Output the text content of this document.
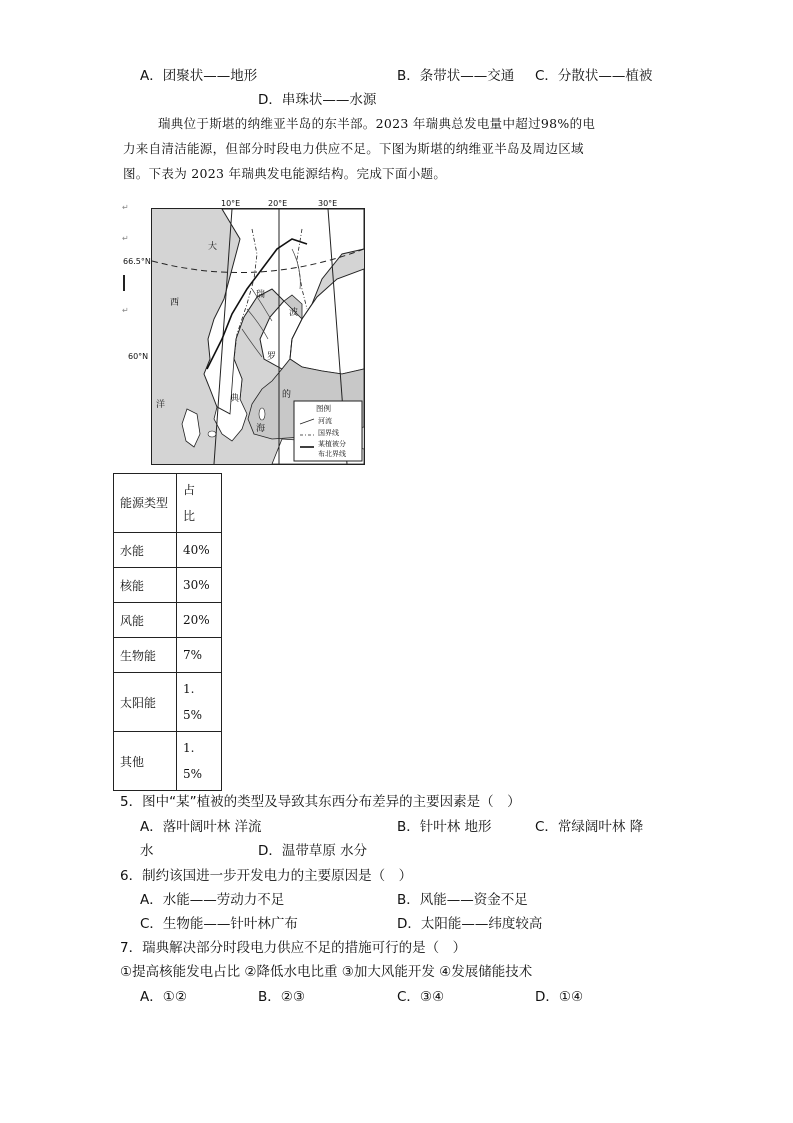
A．团聚状——地形	B．条带状——交通 C．分散状——植被
D．串珠状——水源
瑞典位于斯堪的纳维亚半岛的东半部。2023 年瑞典总发电量中超过98%的电
力来自清洁能源，但部分时段电力供应不足。下图为斯堪的纳维亚半岛及周边区域
图。下表为 2023 年瑞典发电能源结构。完成下面小题。
↵
↵
↵
66.5°N
60°N
10°E	20°E	30°E
大
西
洋
瑞
典
波
罗
的
海
图例
河流
国界线
某植被分
布北界线
能源类型	占比

水能	40%
核能	30%
风能	20%
生物能	7%
太阳能	1.5%

其他	1.5%
5．图中“某”植被的类型及导致其东西分布差异的主要因素是（　）
A．落叶阔叶林 洋流	B．针叶林 地形	C．常绿阔叶林 降
水	D．温带草原 水分
6．制约该国进一步开发电力的主要原因是（　）
A．水能——劳动力不足	B．风能——资金不足
C．生物能——针叶林广布	D．太阳能——纬度较高
7．瑞典解决部分时段电力供应不足的措施可行的是（　）
①提高核能发电占比 ②降低水电比重 ③加大风能开发 ④发展储能技术
A．①②	B．②③	C．③④	D．①④
